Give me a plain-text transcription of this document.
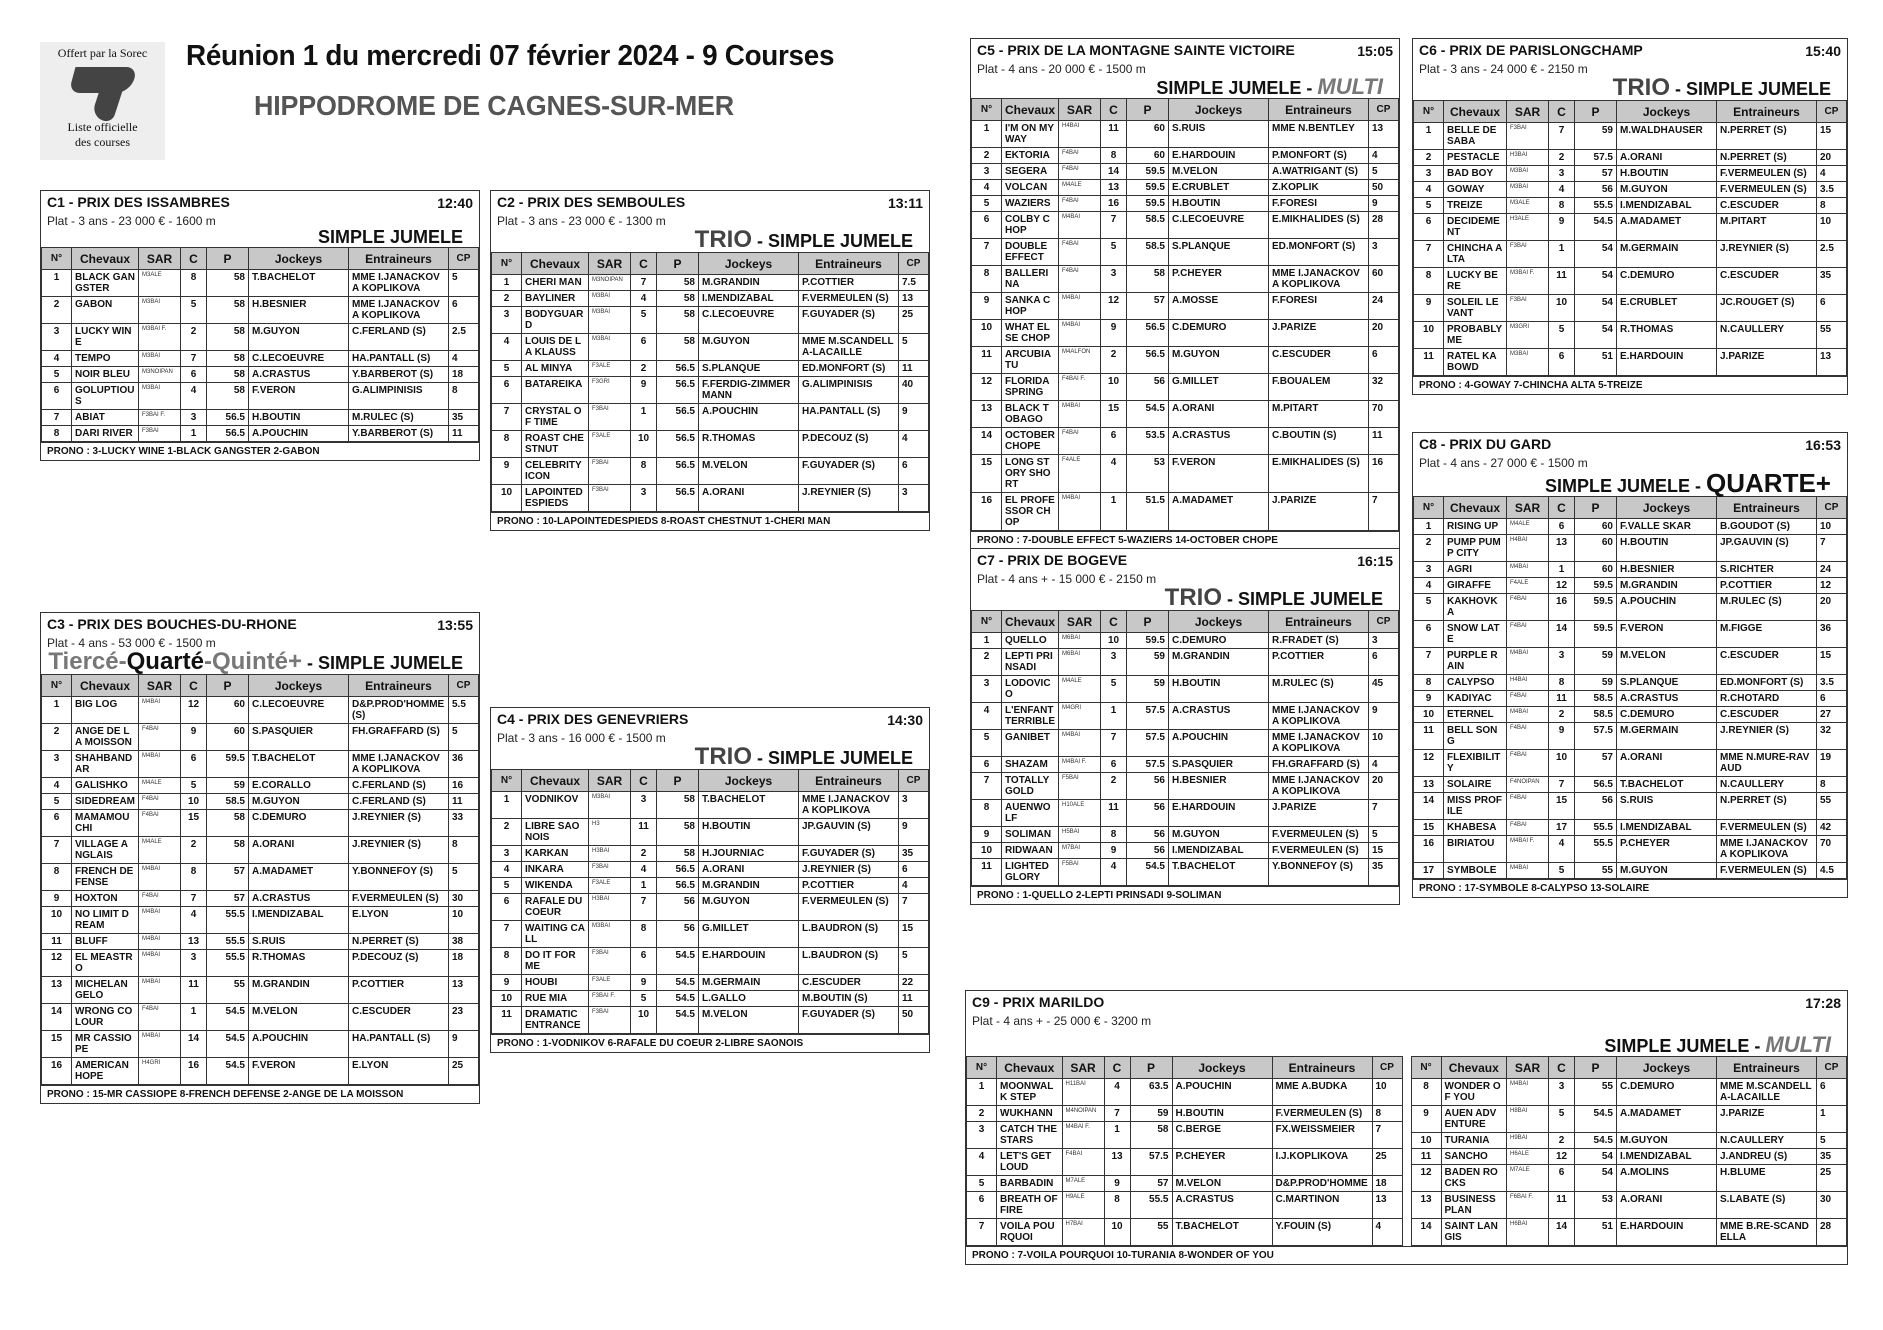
Offert par la Sorec
Liste officielle
des courses
Réunion 1 du mercredi 07 février 2024 - 9 Courses
HIPPODROME DE CAGNES-SUR-MER
C1 - PRIX DES ISSAMBRES	12:40
Plat - 3 ans - 23 000 € - 1600 m
SIMPLE JUMELE
N°	Chevaux	SAR	C	P	Jockeys	Entraineurs	CP
1	BLACK GANGSTER	M3ALE	8	58	T.BACHELOT	MME I.JANACKOVA KOPLIKOVA	5
2	GABON	M3BAI	5	58	H.BESNIER	MME I.JANACKOVA KOPLIKOVA	6
3	LUCKY WINE	M3BAI F.	2	58	M.GUYON	C.FERLAND (S)	2.5
4	TEMPO	M3BAI	7	58	C.LECOEUVRE	HA.PANTALL (S)	4
5	NOIR BLEU	M3NOIPAN	6	58	A.CRASTUS	Y.BARBEROT (S)	18
6	GOLUPTIOUS	M3BAI	4	58	F.VERON	G.ALIMPINISIS	8
7	ABIAT	F3BAI F.	3	56.5	H.BOUTIN	M.RULEC (S)	35
8	DARI RIVER	F3BAI	1	56.5	A.POUCHIN	Y.BARBEROT (S)	11
PRONO : 3-LUCKY WINE 1-BLACK GANGSTER 2-GABON
C2 - PRIX DES SEMBOULES	13:11
Plat - 3 ans - 23 000 € - 1300 m
TRIO - SIMPLE JUMELE
N°	Chevaux	SAR	C	P	Jockeys	Entraineurs	CP
1	CHERI MAN	M3NOIPAN	7	58	M.GRANDIN	P.COTTIER	7.5
2	BAYLINER	M3BAI	4	58	I.MENDIZABAL	F.VERMEULEN (S)	13
3	BODYGUARD	M3BAI	5	58	C.LECOEUVRE	F.GUYADER (S)	25
4	LOUIS DE LA KLAUSS	M3BAI	6	58	M.GUYON	MME M.SCANDELLA-LACAILLE	5
5	AL MINYA	F3ALE	2	56.5	S.PLANQUE	ED.MONFORT (S)	11
6	BATAREIKA	F3GRI	9	56.5	F.FERDIG-ZIMMERMANN	G.ALIMPINISIS	40
7	CRYSTAL OF TIME	F3BAI	1	56.5	A.POUCHIN	HA.PANTALL (S)	9
8	ROAST CHESTNUT	F3ALE	10	56.5	R.THOMAS	P.DECOUZ (S)	4
9	CELEBRITY ICON	F3BAI	8	56.5	M.VELON	F.GUYADER (S)	6
10	LAPOINTEDESPIEDS	F3BAI	3	56.5	A.ORANI	J.REYNIER (S)	3
PRONO : 10-LAPOINTEDESPIEDS 8-ROAST CHESTNUT 1-CHERI MAN
C3 - PRIX DES BOUCHES-DU-RHONE	13:55
Plat - 4 ans - 53 000 € - 1500 m
Tiercé-Quarté-Quinté+ - SIMPLE JUMELE
N°	Chevaux	SAR	C	P	Jockeys	Entraineurs	CP
1	BIG LOG	M4BAI	12	60	C.LECOEUVRE	D&P.PROD'HOMME (S)	5.5
2	ANGE DE LA MOISSON	F4BAI	9	60	S.PASQUIER	FH.GRAFFARD (S)	5
3	SHAHBANDAR	M4BAI	6	59.5	T.BACHELOT	MME I.JANACKOVA KOPLIKOVA	36
4	GALISHKO	M4ALE	5	59	E.CORALLO	C.FERLAND (S)	16
5	SIDEDREAM	F4BAI	10	58.5	M.GUYON	C.FERLAND (S)	11
6	MAMAMOUCHI	F4BAI	15	58	C.DEMURO	J.REYNIER (S)	33
7	VILLAGE ANGLAIS	M4ALE	2	58	A.ORANI	J.REYNIER (S)	8
8	FRENCH DEFENSE	M4BAI	8	57	A.MADAMET	Y.BONNEFOY (S)	5
9	HOXTON	F4BAI	7	57	A.CRASTUS	F.VERMEULEN (S)	30
10	NO LIMIT DREAM	M4BAI	4	55.5	I.MENDIZABAL	E.LYON	10
11	BLUFF	M4BAI	13	55.5	S.RUIS	N.PERRET (S)	38
12	EL MEASTRO	M4BAI	3	55.5	R.THOMAS	P.DECOUZ (S)	18
13	MICHELANGELO	M4BAI	11	55	M.GRANDIN	P.COTTIER	13
14	WRONG COLOUR	F4BAI	1	54.5	M.VELON	C.ESCUDER	23
15	MR CASSIOPE	M4BAI	14	54.5	A.POUCHIN	HA.PANTALL (S)	9
16	AMERICAN HOPE	H4GRI	16	54.5	F.VERON	E.LYON	25
PRONO : 15-MR CASSIOPE 8-FRENCH DEFENSE 2-ANGE DE LA MOISSON
C4 - PRIX DES GENEVRIERS	14:30
Plat - 3 ans - 16 000 € - 1500 m
TRIO - SIMPLE JUMELE
N°	Chevaux	SAR	C	P	Jockeys	Entraineurs	CP
1	VODNIKOV	M3BAI	3	58	T.BACHELOT	MME I.JANACKOVA KOPLIKOVA	3
2	LIBRE SAONOIS	H3	11	58	H.BOUTIN	JP.GAUVIN (S)	9
3	KARKAN	H3BAI	2	58	H.JOURNIAC	F.GUYADER (S)	35
4	INKARA	F3BAI	4	56.5	A.ORANI	J.REYNIER (S)	6
5	WIKENDA	F3ALE	1	56.5	M.GRANDIN	P.COTTIER	4
6	RAFALE DU COEUR	H3BAI	7	56	M.GUYON	F.VERMEULEN (S)	7
7	WAITING CALL	M3BAI	8	56	G.MILLET	L.BAUDRON (S)	15
8	DO IT FOR ME	F3BAI	6	54.5	E.HARDOUIN	L.BAUDRON (S)	5
9	HOUBI	F3ALE	9	54.5	M.GERMAIN	C.ESCUDER	22
10	RUE MIA	F3BAI F.	5	54.5	L.GALLO	M.BOUTIN (S)	11
11	DRAMATIC ENTRANCE	F3BAI	10	54.5	M.VELON	F.GUYADER (S)	50
PRONO : 1-VODNIKOV 6-RAFALE DU COEUR 2-LIBRE SAONOIS
C5 - PRIX DE LA MONTAGNE SAINTE VICTOIRE	15:05
Plat - 4 ans - 20 000 € - 1500 m
SIMPLE JUMELE - MULTI
N°	Chevaux	SAR	C	P	Jockeys	Entraineurs	CP
1	I'M ON MY WAY	H4BAI	11	60	S.RUIS	MME N.BENTLEY	13
2	EKTORIA	F4BAI	8	60	E.HARDOUIN	P.MONFORT (S)	4
3	SEGERA	F4BAI	14	59.5	M.VELON	A.WATRIGANT (S)	5
4	VOLCAN	M4ALE	13	59.5	E.CRUBLET	Z.KOPLIK	50
5	WAZIERS	F4BAI	16	59.5	H.BOUTIN	F.FORESI	9
6	COLBY CHOP	M4BAI	7	58.5	C.LECOEUVRE	E.MIKHALIDES (S)	28
7	DOUBLE EFFECT	F4BAI	5	58.5	S.PLANQUE	ED.MONFORT (S)	3
8	BALLERINA	F4BAI	3	58	P.CHEYER	MME I.JANACKOVA KOPLIKOVA	60
9	SANKA CHOP	M4BAI	12	57	A.MOSSE	F.FORESI	24
10	WHAT ELSE CHOP	M4BAI	9	56.5	C.DEMURO	J.PARIZE	20
11	ARCUBIATU	M4ALFON	2	56.5	M.GUYON	C.ESCUDER	6
12	FLORIDA SPRING	F4BAI F.	10	56	G.MILLET	F.BOUALEM	32
13	BLACK TOBAGO	M4BAI	15	54.5	A.ORANI	M.PITART	70
14	OCTOBER CHOPE	F4BAI	6	53.5	A.CRASTUS	C.BOUTIN (S)	11
15	LONG STORY SHORT	F4ALE	4	53	F.VERON	E.MIKHALIDES (S)	16
16	EL PROFESSOR CHOP	M4BAI	1	51.5	A.MADAMET	J.PARIZE	7
PRONO : 7-DOUBLE EFFECT 5-WAZIERS 14-OCTOBER CHOPE
C6 - PRIX DE PARISLONGCHAMP	15:40
Plat - 3 ans - 24 000 € - 2150 m
TRIO - SIMPLE JUMELE
N°	Chevaux	SAR	C	P	Jockeys	Entraineurs	CP
1	BELLE DE SABA	F3BAI	7	59	M.WALDHAUSER	N.PERRET (S)	15
2	PESTACLE	H3BAI	2	57.5	A.ORANI	N.PERRET (S)	20
3	BAD BOY	M3BAI	3	57	H.BOUTIN	F.VERMEULEN (S)	4
4	GOWAY	M3BAI	4	56	M.GUYON	F.VERMEULEN (S)	3.5
5	TREIZE	M3ALE	8	55.5	I.MENDIZABAL	C.ESCUDER	8
6	DECIDEMENT	H3ALE	9	54.5	A.MADAMET	M.PITART	10
7	CHINCHA ALTA	F3BAI	1	54	M.GERMAIN	J.REYNIER (S)	2.5
8	LUCKY BERE	M3BAI F.	11	54	C.DEMURO	C.ESCUDER	35
9	SOLEIL LEVANT	F3BAI	10	54	E.CRUBLET	JC.ROUGET (S)	6
10	PROBABLY ME	M3GRI	5	54	R.THOMAS	N.CAULLERY	55
11	RATEL KABOWD	M3BAI	6	51	E.HARDOUIN	J.PARIZE	13
PRONO : 4-GOWAY 7-CHINCHA ALTA 5-TREIZE
C7 - PRIX DE BOGEVE	16:15
Plat - 4 ans + - 15 000 € - 2150 m
TRIO - SIMPLE JUMELE
N°	Chevaux	SAR	C	P	Jockeys	Entraineurs	CP
1	QUELLO	M6BAI	10	59.5	C.DEMURO	R.FRADET (S)	3
2	LEPTI PRINSADI	M6BAI	3	59	M.GRANDIN	P.COTTIER	6
3	LODOVICO	M4ALE	5	59	H.BOUTIN	M.RULEC (S)	45
4	L'ENFANT TERRIBLE	M4GRI	1	57.5	A.CRASTUS	MME I.JANACKOVA KOPLIKOVA	9
5	GANIBET	M4BAI	7	57.5	A.POUCHIN	MME I.JANACKOVA KOPLIKOVA	10
6	SHAZAM	M4BAI F.	6	57.5	S.PASQUIER	FH.GRAFFARD (S)	4
7	TOTALLY GOLD	F5BAI	2	56	H.BESNIER	MME I.JANACKOVA KOPLIKOVA	20
8	AUENWOLF	H10ALE	11	56	E.HARDOUIN	J.PARIZE	7
9	SOLIMAN	H5BAI	8	56	M.GUYON	F.VERMEULEN (S)	5
10	RIDWAAN	M7BAI	9	56	I.MENDIZABAL	F.VERMEULEN (S)	15
11	LIGHTED GLORY	F5BAI	4	54.5	T.BACHELOT	Y.BONNEFOY (S)	35
PRONO : 1-QUELLO 2-LEPTI PRINSADI 9-SOLIMAN
C8 - PRIX DU GARD	16:53
Plat - 4 ans - 27 000 € - 1500 m
SIMPLE JUMELE - QUARTE+
N°	Chevaux	SAR	C	P	Jockeys	Entraineurs	CP
1	RISING UP	M4ALE	6	60	F.VALLE SKAR	B.GOUDOT (S)	10
2	PUMP PUMP CITY	H4BAI	13	60	H.BOUTIN	JP.GAUVIN (S)	7
3	AGRI	M4BAI	1	60	H.BESNIER	S.RICHTER	24
4	GIRAFFE	F4ALE	12	59.5	M.GRANDIN	P.COTTIER	12
5	KAKHOVKA	F4BAI	16	59.5	A.POUCHIN	M.RULEC (S)	20
6	SNOW LATE	F4BAI	14	59.5	F.VERON	M.FIGGE	36
7	PURPLE RAIN	M4BAI	3	59	M.VELON	C.ESCUDER	15
8	CALYPSO	H4BAI	8	59	S.PLANQUE	ED.MONFORT (S)	3.5
9	KADIYAC	F4BAI	11	58.5	A.CRASTUS	R.CHOTARD	6
10	ETERNEL	M4BAI	2	58.5	C.DEMURO	C.ESCUDER	27
11	BELL SONG	F4BAI	9	57.5	M.GERMAIN	J.REYNIER (S)	32
12	FLEXIBILITY	F4BAI	10	57	A.ORANI	MME N.MURE-RAVAUD	19
13	SOLAIRE	F4NOIPAN	7	56.5	T.BACHELOT	N.CAULLERY	8
14	MISS PROFILE	F4BAI	15	56	S.RUIS	N.PERRET (S)	55
15	KHABESA	F4BAI	17	55.5	I.MENDIZABAL	F.VERMEULEN (S)	42
16	BIRIATOU	M4BAI F.	4	55.5	P.CHEYER	MME I.JANACKOVA KOPLIKOVA	70
17	SYMBOLE	M4BAI	5	55	M.GUYON	F.VERMEULEN (S)	4.5
PRONO : 17-SYMBOLE 8-CALYPSO 13-SOLAIRE
C9 - PRIX MARILDO	17:28
Plat - 4 ans + - 25 000 € - 3200 m
SIMPLE JUMELE - MULTI
N°	Chevaux	SAR	C	P	Jockeys	Entraineurs	CP
1	MOONWALK STEP	H11BAI	4	63.5	A.POUCHIN	MME A.BUDKA	10
2	WUKHANN	M4NOIPAN	7	59	H.BOUTIN	F.VERMEULEN (S)	8
3	CATCH THE STARS	M4BAI F.	1	58	C.BERGE	FX.WEISSMEIER	7
4	LET'S GET LOUD	F4BAI	13	57.5	P.CHEYER	I.J.KOPLIKOVA	25
5	BARBADIN	M7ALE	9	57	M.VELON	D&P.PROD'HOMME	18
6	BREATH OF FIRE	H9ALE	8	55.5	A.CRASTUS	C.MARTINON	13
7	VOILA POURQUOI	H7BAI	10	55	T.BACHELOT	Y.FOUIN (S)	4
N°	Chevaux	SAR	C	P	Jockeys	Entraineurs	CP
8	WONDER OF YOU	M4BAI	3	55	C.DEMURO	MME M.SCANDELLA-LACAILLE	6
9	AUEN ADVENTURE	H8BAI	5	54.5	A.MADAMET	J.PARIZE	1
10	TURANIA	H9BAI	2	54.5	M.GUYON	N.CAULLERY	5
11	SANCHO	H6ALE	12	54	I.MENDIZABAL	J.ANDREU (S)	35
12	BADEN ROCKS	M7ALE	6	54	A.MOLINS	H.BLUME	25
13	BUSINESS PLAN	F6BAI F.	11	53	A.ORANI	S.LABATE (S)	30
14	SAINT LANGIS	H6BAI	14	51	E.HARDOUIN	MME B.RE-SCANDELLA	28
PRONO : 7-VOILA POURQUOI 10-TURANIA 8-WONDER OF YOU
